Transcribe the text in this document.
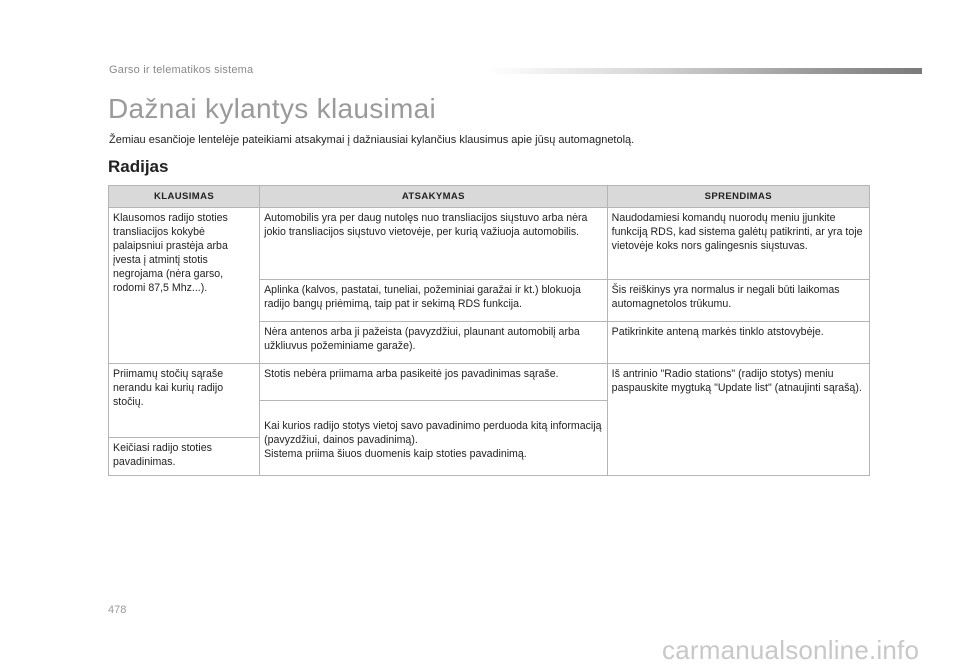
Garso ir telematikos sistema
Dažnai kylantys klausimai
Žemiau esančioje lentelėje pateikiami atsakymai į dažniausiai kylančius klausimus apie jūsų automagnetolą.
Radijas
KLAUSIMAS	ATSAKYMAS	SPRENDIMAS
Klausomos radijo stoties transliacijos kokybė palaipsniui prastėja arba įvesta į atmintį stotis negrojama (nėra garso, rodomi 87,5 Mhz...).	Automobilis yra per daug nutolęs nuo transliacijos siųstuvo arba nėra jokio transliacijos siųstuvo vietovėje, per kurią važiuoja automobilis.	Naudodamiesi komandų nuorodų meniu įjunkite funkciją RDS, kad sistema galėtų patikrinti, ar yra toje vietovėje koks nors galingesnis siųstuvas.
	Aplinka (kalvos, pastatai, tuneliai, požeminiai garažai ir kt.) blokuoja radijo bangų priėmimą, taip pat ir sekimą RDS funkcija.	Šis reiškinys yra normalus ir negali būti laikomas automagnetolos trūkumu.
	Nėra antenos arba ji pažeista (pavyzdžiui, plaunant automobilį arba užkliuvus požeminiame garaže).	Patikrinkite anteną markės tinklo atstovybėje.
Priimamų stočių sąraše nerandu kai kurių radijo stočių.	Stotis nebėra priimama arba pasikeitė jos pavadinimas sąraše.	Iš antrinio "Radio stations" (radijo stotys) meniu paspauskite mygtuką "Update list" (atnaujinti sąrašą).
	Kai kurios radijo stotys vietoj savo pavadinimo perduoda kitą informaciją (pavyzdžiui, dainos pavadinimą).
Sistema priima šiuos duomenis kaip stoties pavadinimą.	
Keičiasi radijo stoties pavadinimas.		

478
carmanualsonline.info
